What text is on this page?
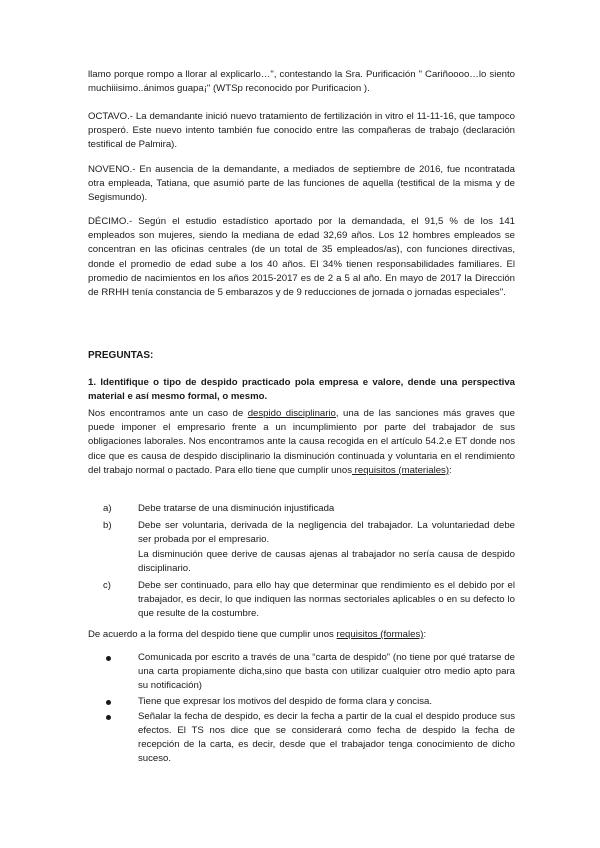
llamo porque rompo a llorar al explicarlo…", contestando la Sra. Purificación " Cariñoooo…lo siento muchiiisimo..ánimos guapa¡" (WTSp reconocido por Purificacion ).

OCTAVO.- La demandante inició nuevo tratamiento de fertilización in vitro el 11-11-16, que tampoco prosperó. Este nuevo intento también fue conocido entre las compañeras de trabajo (declaración testifical de Palmira).

NOVENO.- En ausencia de la demandante, a mediados de septiembre de 2016, fue ncontratada otra empleada, Tatiana, que asumió parte de las funciones de aquella (testifical de la misma y de Segismundo).

DÉCIMO.- Según el estudio estadístico aportado por la demandada, el 91,5 % de los 141 empleados son mujeres, siendo la mediana de edad 32,69 años. Los 12 hombres empleados se concentran en las oficinas centrales (de un total de 35 empleados/as), con funciones directivas, donde el promedio de edad sube a los 40 años. El 34% tienen responsabilidades familiares. El promedio de nacimientos en los años 2015-2017 es de 2 a 5 al año. En mayo de 2017 la Dirección de RRHH tenía constancia de 5 embarazos y de 9 reducciones de jornada o jornadas especiales".

PREGUNTAS:

1. Identifique o tipo de despido practicado pola empresa e valore, dende una perspectiva material e así mesmo formal, o mesmo.

Nos encontramos ante un caso de despido disciplinario, una de las sanciones más graves que puede imponer el empresario frente a un incumplimiento por parte del trabajador de sus obligaciones laborales. Nos encontramos ante la causa recogida en el artículo 54.2.e ET donde nos dice que es causa de despido disciplinario la disminución continuada y voluntaria en el rendimiento del trabajo normal o pactado. Para ello tiene que cumplir unos requisitos (materiales):

a)	Debe tratarse de una disminución injustificada
b)	Debe ser voluntaria, derivada de la negligencia del trabajador. La voluntariedad debe ser probada por el empresario.
La disminución quee derive de causas ajenas al trabajador no sería causa de despido disciplinario.
c)	Debe ser continuado, para ello hay que determinar que rendimiento es el debido por el trabajador, es decir, lo que indiquen las normas sectoriales aplicables o en su defecto lo que resulte de la costumbre.

De acuerdo a la forma del despido tiene que cumplir unos requisitos (formales):

Comunicada por escrito a través de una “carta de despido” (no tiene por qué tratarse de una carta propiamente dicha,sino que basta con utilizar cualquier otro medio apto para su notificación)
Tiene que expresar los motivos del despido de forma clara y concisa.
Señalar la fecha de despido, es decir la fecha a partir de la cual el despido produce sus efectos. El TS nos dice que se considerará como fecha de despido la fecha de recepción de la carta, es decir, desde que el trabajador tenga conocimiento de dicho suceso.
